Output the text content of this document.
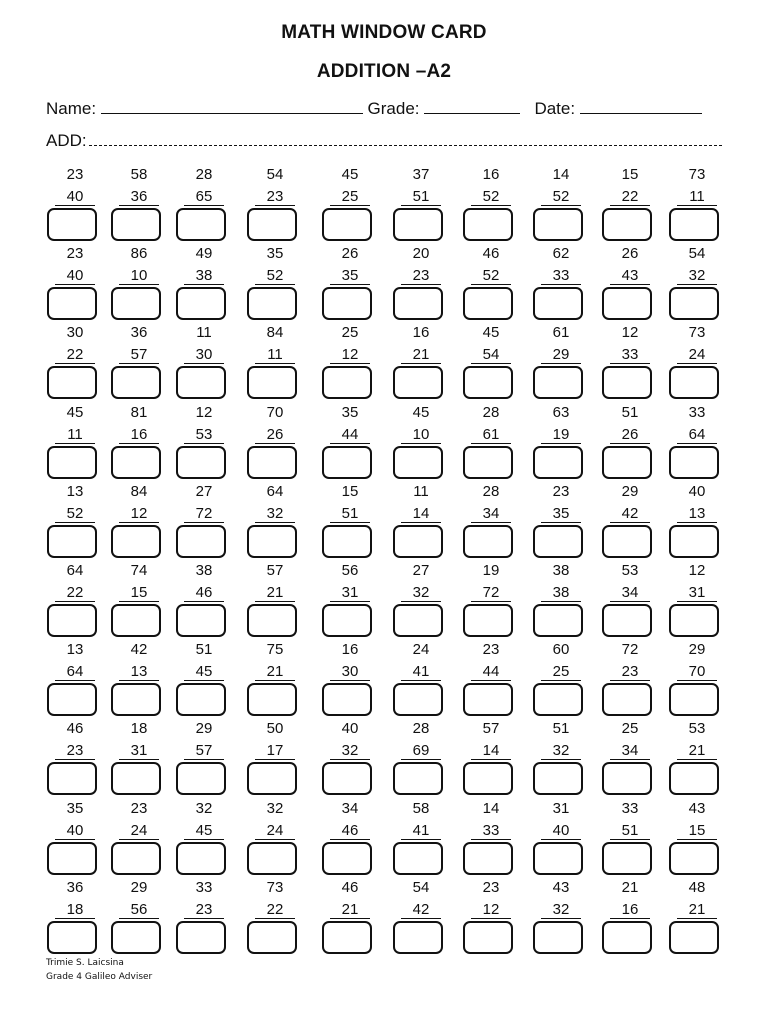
MATH WINDOW CARD
ADDITION –A2
Name:	Grade:	Date:
ADD:
23
40
58
36
28
65
54
23
45
25
37
51
16
52
14
52
15
22
73
11
23
40
86
10
49
38
35
52
26
35
20
23
46
52
62
33
26
43
54
32
30
22
36
57
11
30
84
11
25
12
16
21
45
54
61
29
12
33
73
24
45
11
81
16
12
53
70
26
35
44
45
10
28
61
63
19
51
26
33
64
13
52
84
12
27
72
64
32
15
51
11
14
28
34
23
35
29
42
40
13
64
22
74
15
38
46
57
21
56
31
27
32
19
72
38
38
53
34
12
31
13
64
42
13
51
45
75
21
16
30
24
41
23
44
60
25
72
23
29
70
46
23
18
31
29
57
50
17
40
32
28
69
57
14
51
32
25
34
53
21
35
40
23
24
32
45
32
24
34
46
58
41
14
33
31
40
33
51
43
15
36
18
29
56
33
23
73
22
46
21
54
42
23
12
43
32
21
16
48
21
Trimie S. Laicsina
Grade 4 Galileo Adviser
